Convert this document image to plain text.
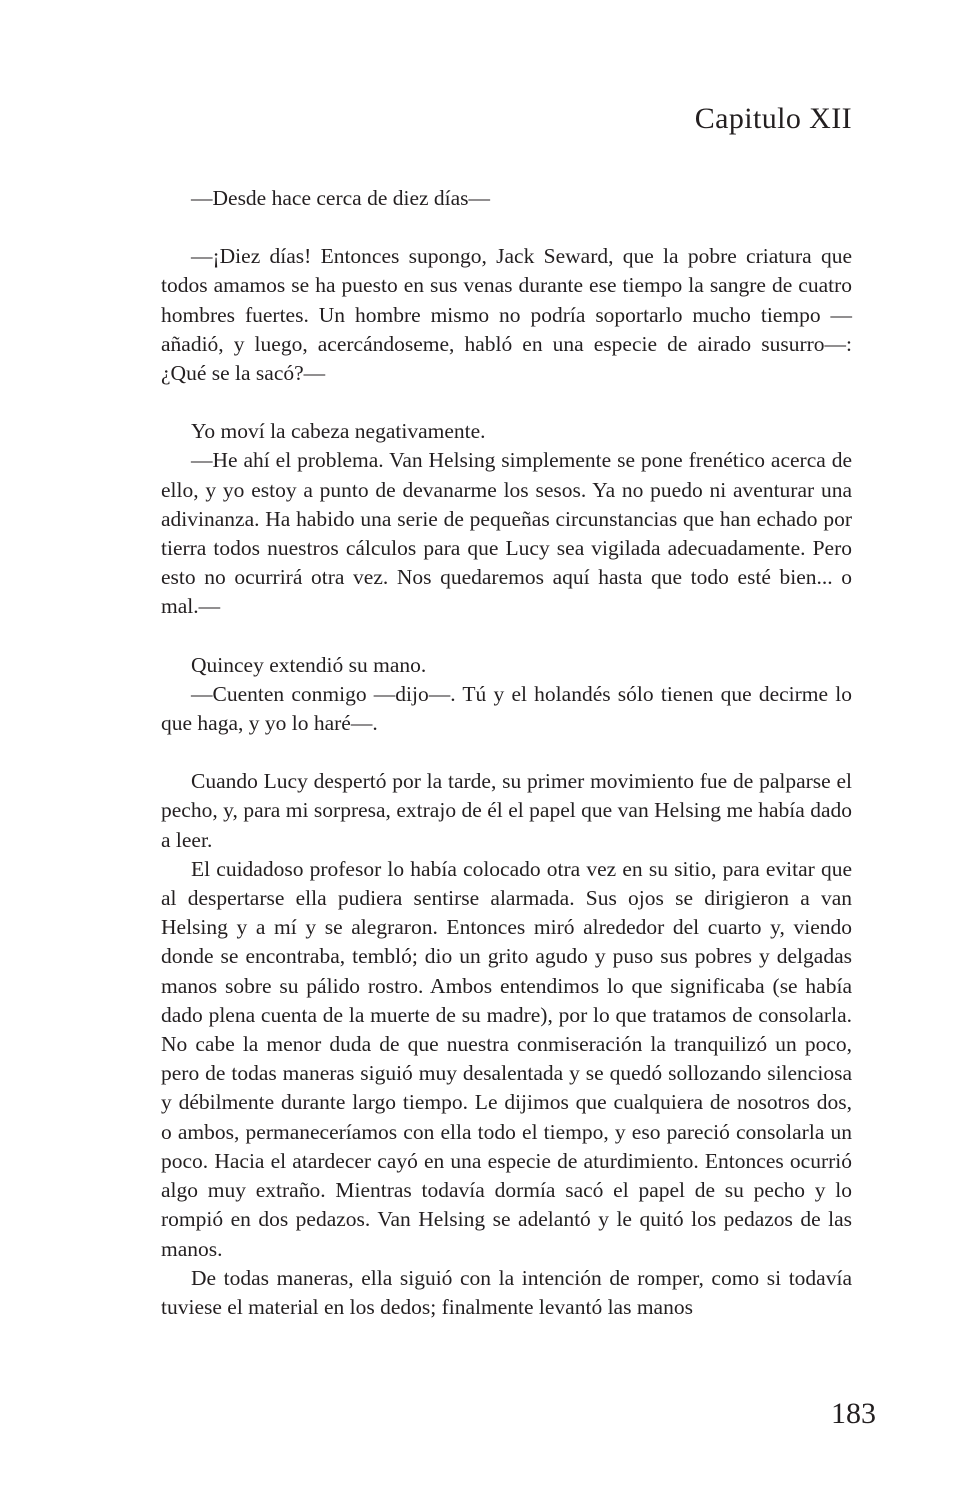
Capitulo XII

—Desde hace cerca de diez días—

—¡Diez días! Entonces supongo, Jack Seward, que la pobre criatura que todos amamos se ha puesto en sus venas durante ese tiempo la sangre de cuatro hombres fuertes. Un hombre mismo no podría soportarlo mucho tiempo — añadió, y luego, acercándoseme, habló en una especie de airado susurro—: ¿Qué se la sacó?—

Yo moví la cabeza negativamente.

—He ahí el problema. Van Helsing simplemente se pone frenético acerca de ello, y yo estoy a punto de devanarme los sesos. Ya no puedo ni aventurar una adivinanza. Ha habido una serie de pequeñas circunstancias que han echado por tierra todos nuestros cálculos para que Lucy sea vigilada adecuadamente. Pero esto no ocurrirá otra vez. Nos quedaremos aquí hasta que todo esté bien... o mal.—

Quincey extendió su mano.

—Cuenten conmigo —dijo—. Tú y el holandés sólo tienen que decirme lo que haga, y yo lo haré—.

Cuando Lucy despertó por la tarde, su primer movimiento fue de palparse el pecho, y, para mi sorpresa, extrajo de él el papel que van Helsing me había dado a leer.

El cuidadoso profesor lo había colocado otra vez en su sitio, para evitar que al despertarse ella pudiera sentirse alarmada. Sus ojos se dirigieron a van Helsing y a mí y se alegraron. Entonces miró alrededor del cuarto y, viendo donde se encontraba, tembló; dio un grito agudo y puso sus pobres y delgadas manos sobre su pálido rostro. Ambos entendimos lo que significaba (se había dado plena cuenta de la muerte de su madre), por lo que tratamos de consolarla. No cabe la menor duda de que nuestra conmiseración la tranquilizó un poco, pero de todas maneras siguió muy desalentada y se quedó sollozando silenciosa y débilmente durante largo tiempo. Le dijimos que cualquiera de nosotros dos, o ambos, permaneceríamos con ella todo el tiempo, y eso pareció consolarla un poco. Hacia el atardecer cayó en una especie de aturdimiento. Entonces ocurrió algo muy extraño. Mientras todavía dormía sacó el papel de su pecho y lo rompió en dos pedazos. Van Helsing se adelantó y le quitó los pedazos de las manos.

De todas maneras, ella siguió con la intención de romper, como si todavía tuviese el material en los dedos; finalmente levantó las manos

183
